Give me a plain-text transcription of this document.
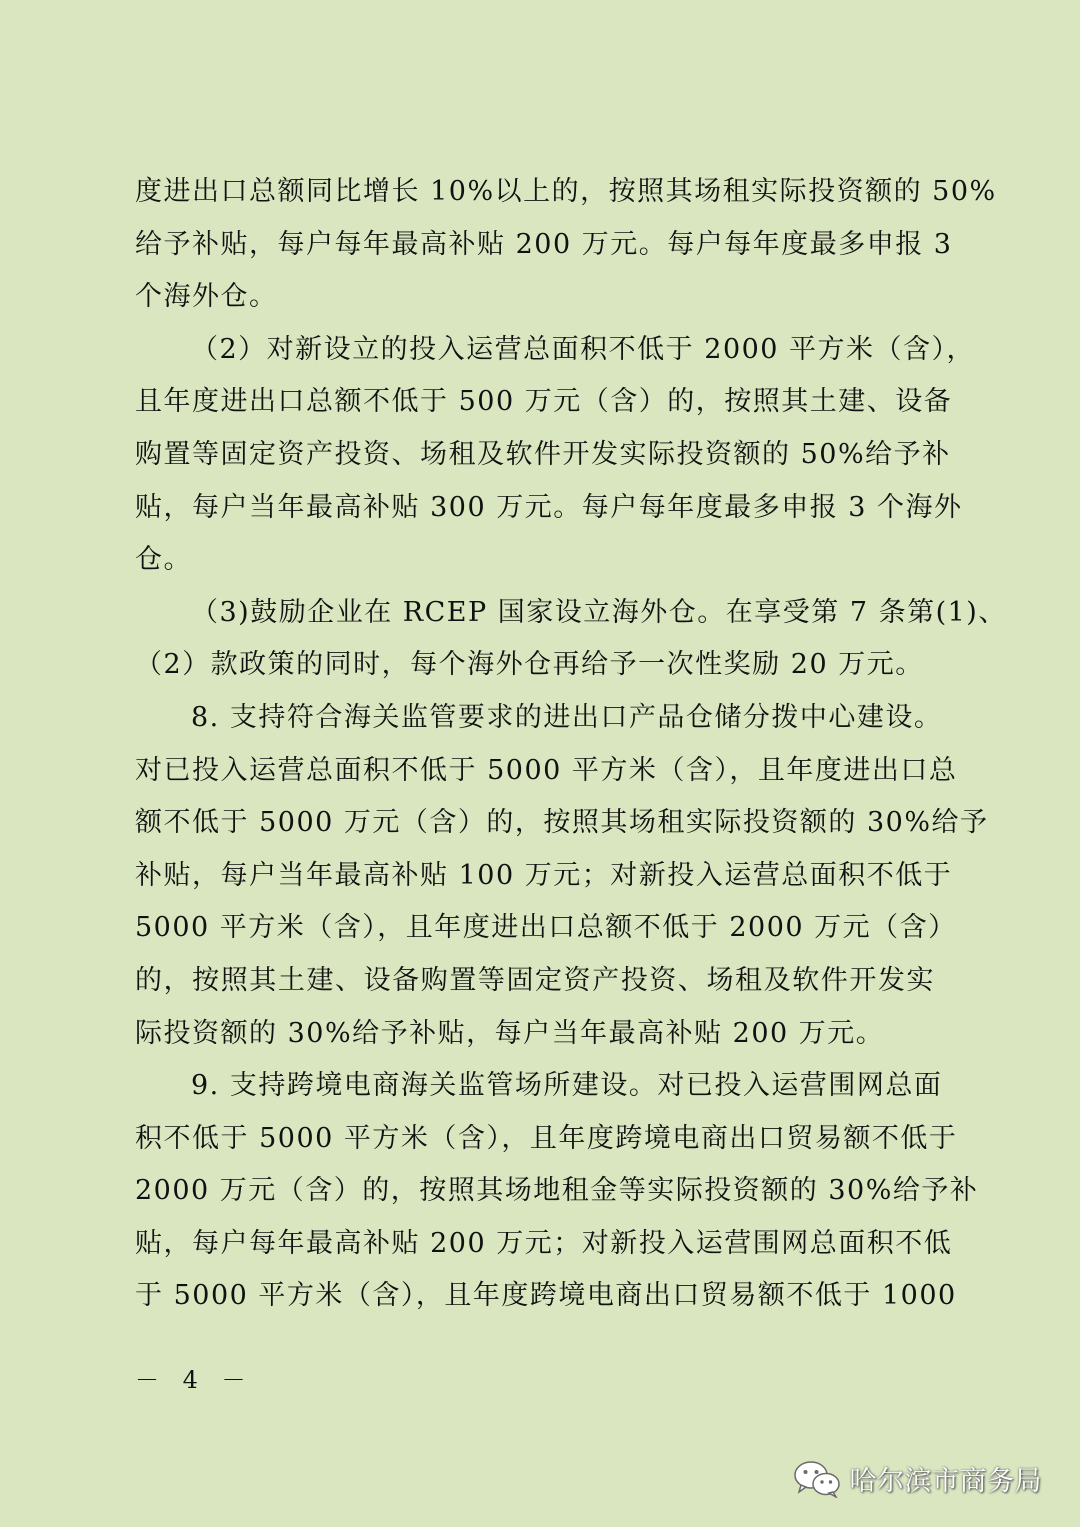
度进出口总额同比增长 10%以上的，按照其场租实际投资额的 50%
给予补贴，每户每年最高补贴 200 万元。每户每年度最多申报 3
个海外仓。
（2）对新设立的投入运营总面积不低于 2000 平方米（含），
且年度进出口总额不低于 500 万元（含）的，按照其土建、设备
购置等固定资产投资、场租及软件开发实际投资额的 50%给予补
贴，每户当年最高补贴 300 万元。每户每年度最多申报 3 个海外
仓。
（3)鼓励企业在 RCEP 国家设立海外仓。在享受第 7 条第(1)、
（2）款政策的同时，每个海外仓再给予一次性奖励 20 万元。
8. 支持符合海关监管要求的进出口产品仓储分拨中心建设。
对已投入运营总面积不低于 5000 平方米（含），且年度进出口总
额不低于 5000 万元（含）的，按照其场租实际投资额的 30%给予
补贴，每户当年最高补贴 100 万元；对新投入运营总面积不低于
5000 平方米（含），且年度进出口总额不低于 2000 万元（含）
的，按照其土建、设备购置等固定资产投资、场租及软件开发实
际投资额的 30%给予补贴，每户当年最高补贴 200 万元。
9. 支持跨境电商海关监管场所建设。对已投入运营围网总面
积不低于 5000 平方米（含），且年度跨境电商出口贸易额不低于
2000 万元（含）的，按照其场地租金等实际投资额的 30%给予补
贴，每户每年最高补贴 200 万元；对新投入运营围网总面积不低
于 5000 平方米（含），且年度跨境电商出口贸易额不低于 1000
－ 4 －
哈尔滨市商务局
